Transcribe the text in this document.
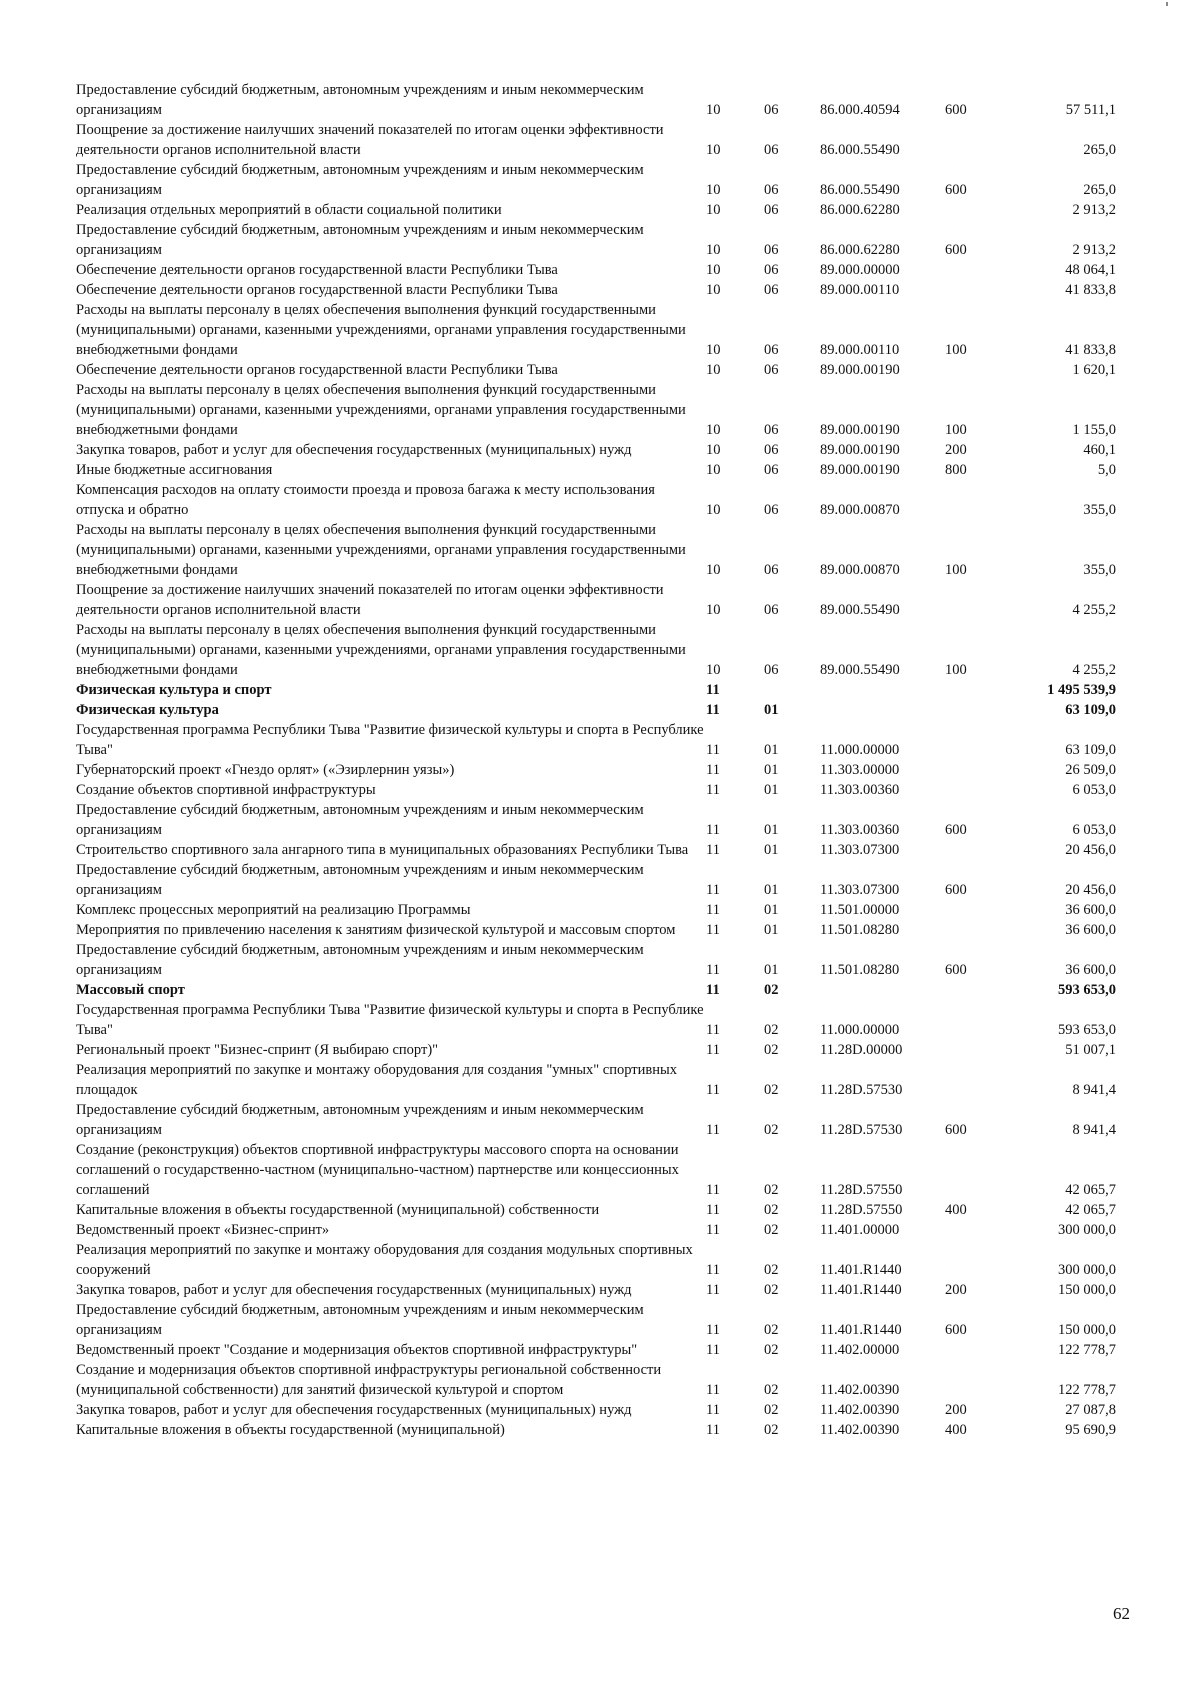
Предоставление субсидий бюджетным, автономным учреждениям и иным некоммерческим организациям	10	06	86.000.40594	600	57 511,1
Поощрение за достижение наилучших значений показателей по итогам оценки эффективности деятельности органов исполнительной власти	10	06	86.000.55490		265,0
Предоставление субсидий бюджетным, автономным учреждениям и иным некоммерческим организациям	10	06	86.000.55490	600	265,0
Реализация отдельных мероприятий в области социальной политики	10	06	86.000.62280		2 913,2
Предоставление субсидий бюджетным, автономным учреждениям и иным некоммерческим организациям	10	06	86.000.62280	600	2 913,2
Обеспечение деятельности органов государственной власти Республики Тыва	10	06	89.000.00000		48 064,1
Обеспечение деятельности органов государственной власти Республики Тыва	10	06	89.000.00110		41 833,8
Расходы на выплаты персоналу в целях обеспечения выполнения функций государственными (муниципальными) органами, казенными учреждениями, органами управления государственными внебюджетными фондами	10	06	89.000.00110	100	41 833,8
Обеспечение деятельности органов государственной власти Республики Тыва	10	06	89.000.00190		1 620,1
Расходы на выплаты персоналу в целях обеспечения выполнения функций государственными (муниципальными) органами, казенными учреждениями, органами управления государственными внебюджетными фондами	10	06	89.000.00190	100	1 155,0
Закупка товаров, работ и услуг для обеспечения государственных (муниципальных) нужд	10	06	89.000.00190	200	460,1
Иные бюджетные ассигнования	10	06	89.000.00190	800	5,0
Компенсация расходов на оплату стоимости проезда и провоза багажа к месту использования отпуска и обратно	10	06	89.000.00870		355,0
Расходы на выплаты персоналу в целях обеспечения выполнения функций государственными (муниципальными) органами, казенными учреждениями, органами управления государственными внебюджетными фондами	10	06	89.000.00870	100	355,0
Поощрение за достижение наилучших значений показателей по итогам оценки эффективности деятельности органов исполнительной власти	10	06	89.000.55490		4 255,2
Расходы на выплаты персоналу в целях обеспечения выполнения функций государственными (муниципальными) органами, казенными учреждениями, органами управления государственными внебюджетными фондами	10	06	89.000.55490	100	4 255,2
Физическая культура и спорт	11				1 495 539,9
Физическая культура	11	01			63 109,0
Государственная программа Республики Тыва "Развитие физической культуры и спорта в Республике Тыва"	11	01	11.000.00000		63 109,0
Губернаторский проект «Гнездо орлят» («Эзирлернин уязы»)	11	01	11.303.00000		26 509,0
Создание объектов спортивной инфраструктуры	11	01	11.303.00360		6 053,0
Предоставление субсидий бюджетным, автономным учреждениям и иным некоммерческим организациям	11	01	11.303.00360	600	6 053,0
Строительство спортивного зала ангарного типа в муниципальных образованиях Республики Тыва	11	01	11.303.07300		20 456,0
Предоставление субсидий бюджетным, автономным учреждениям и иным некоммерческим организациям	11	01	11.303.07300	600	20 456,0
Комплекс процессных мероприятий на реализацию Программы	11	01	11.501.00000		36 600,0
Мероприятия по привлечению населения к занятиям физической культурой и массовым спортом	11	01	11.501.08280		36 600,0
Предоставление субсидий бюджетным, автономным учреждениям и иным некоммерческим организациям	11	01	11.501.08280	600	36 600,0
Массовый спорт	11	02			593 653,0
Государственная программа Республики Тыва "Развитие физической культуры и спорта в Республике Тыва"	11	02	11.000.00000		593 653,0
Региональный проект "Бизнес-спринт (Я выбираю спорт)"	11	02	11.28D.00000		51 007,1
Реализация мероприятий по закупке и монтажу оборудования для создания "умных" спортивных площадок	11	02	11.28D.57530		8 941,4
Предоставление субсидий бюджетным, автономным учреждениям и иным некоммерческим организациям	11	02	11.28D.57530	600	8 941,4
Создание (реконструкция) объектов спортивной инфраструктуры массового спорта на основании соглашений о государственно-частном (муниципально-частном) партнерстве или концессионных соглашений	11	02	11.28D.57550		42 065,7
Капитальные вложения в объекты государственной (муниципальной) собственности	11	02	11.28D.57550	400	42 065,7
Ведомственный проект «Бизнес-спринт»	11	02	11.401.00000		300 000,0
Реализация мероприятий по закупке и монтажу оборудования для создания модульных спортивных сооружений	11	02	11.401.R1440		300 000,0
Закупка товаров, работ и услуг для обеспечения государственных (муниципальных) нужд	11	02	11.401.R1440	200	150 000,0
Предоставление субсидий бюджетным, автономным учреждениям и иным некоммерческим организациям	11	02	11.401.R1440	600	150 000,0
Ведомственный проект "Создание и модернизация объектов спортивной инфраструктуры"	11	02	11.402.00000		122 778,7
Создание и модернизация объектов спортивной инфраструктуры региональной собственности (муниципальной собственности) для занятий физической культурой и спортом	11	02	11.402.00390		122 778,7
Закупка товаров, работ и услуг для обеспечения государственных (муниципальных) нужд	11	02	11.402.00390	200	27 087,8
Капитальные вложения в объекты государственной (муниципальной)	11	02	11.402.00390	400	95 690,9
62
